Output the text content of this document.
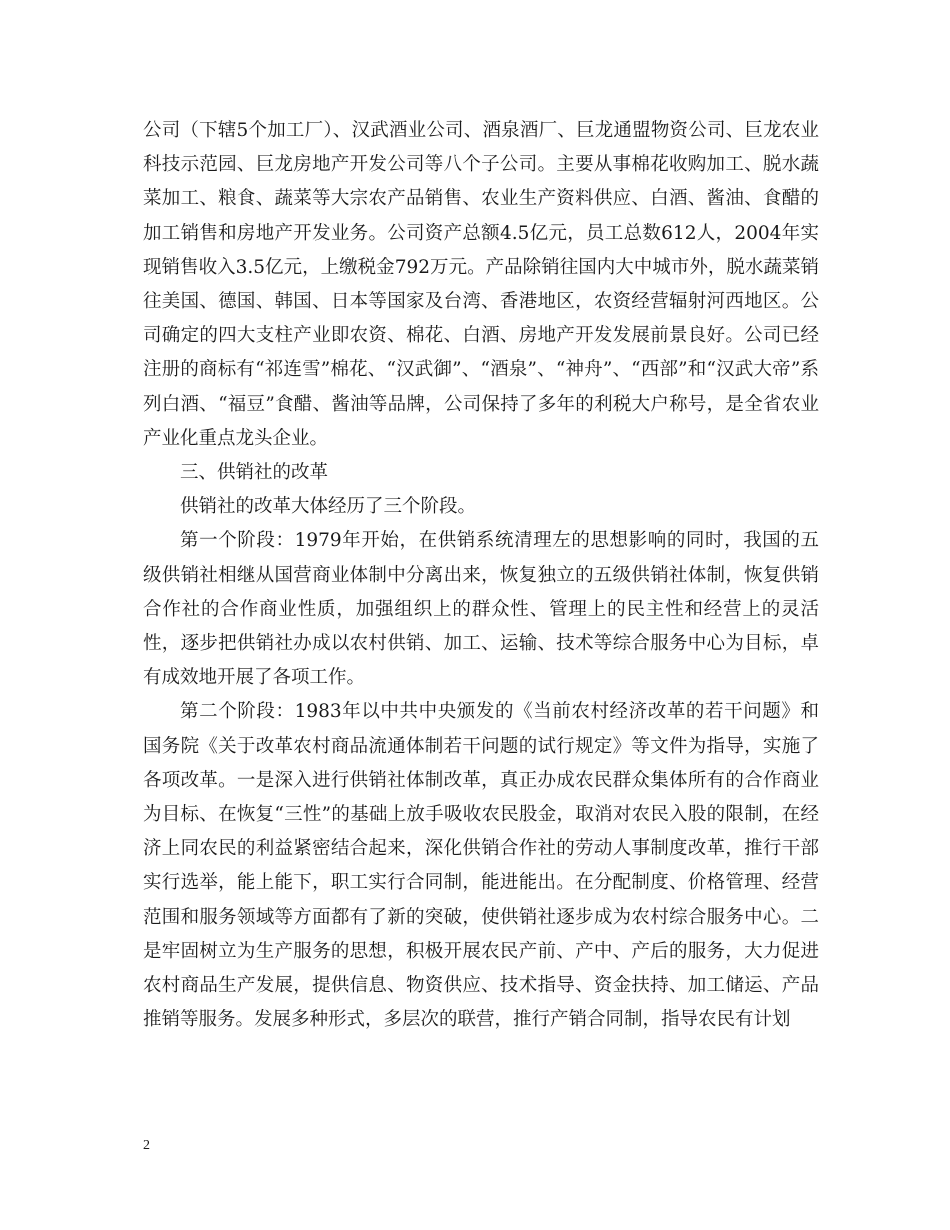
公司（下辖5个加工厂）、汉武酒业公司、酒泉酒厂、巨龙通盟物资公司、巨龙农业科技示范园、巨龙房地产开发公司等八个子公司。主要从事棉花收购加工、脱水蔬菜加工、粮食、蔬菜等大宗农产品销售、农业生产资料供应、白酒、酱油、食醋的加工销售和房地产开发业务。公司资产总额4.5亿元，员工总数612人，2004年实现销售收入3.5亿元，上缴税金792万元。产品除销往国内大中城市外，脱水蔬菜销往美国、德国、韩国、日本等国家及台湾、香港地区，农资经营辐射河西地区。公司确定的四大支柱产业即农资、棉花、白酒、房地产开发发展前景良好。公司已经注册的商标有“祁连雪”棉花、“汉武御”、“酒泉”、“神舟”、“西部”和“汉武大帝”系列白酒、“福豆”食醋、酱油等品牌，公司保持了多年的利税大户称号，是全省农业产业化重点龙头企业。

三、供销社的改革

供销社的改革大体经历了三个阶段。

第一个阶段：1979年开始，在供销系统清理左的思想影响的同时，我国的五级供销社相继从国营商业体制中分离出来，恢复独立的五级供销社体制，恢复供销合作社的合作商业性质，加强组织上的群众性、管理上的民主性和经营上的灵活性，逐步把供销社办成以农村供销、加工、运输、技术等综合服务中心为目标，卓有成效地开展了各项工作。

第二个阶段：1983年以中共中央颁发的《当前农村经济改革的若干问题》和国务院《关于改革农村商品流通体制若干问题的试行规定》等文件为指导，实施了各项改革。一是深入进行供销社体制改革，真正办成农民群众集体所有的合作商业为目标、在恢复“三性”的基础上放手吸收农民股金，取消对农民入股的限制，在经济上同农民的利益紧密结合起来，深化供销合作社的劳动人事制度改革，推行干部实行选举，能上能下，职工实行合同制，能进能出。在分配制度、价格管理、经营范围和服务领域等方面都有了新的突破，使供销社逐步成为农村综合服务中心。二是牢固树立为生产服务的思想，积极开展农民产前、产中、产后的服务，大力促进农村商品生产发展，提供信息、物资供应、技术指导、资金扶持、加工储运、产品推销等服务。发展多种形式，多层次的联营，推行产销合同制，指导农民有计划

2
